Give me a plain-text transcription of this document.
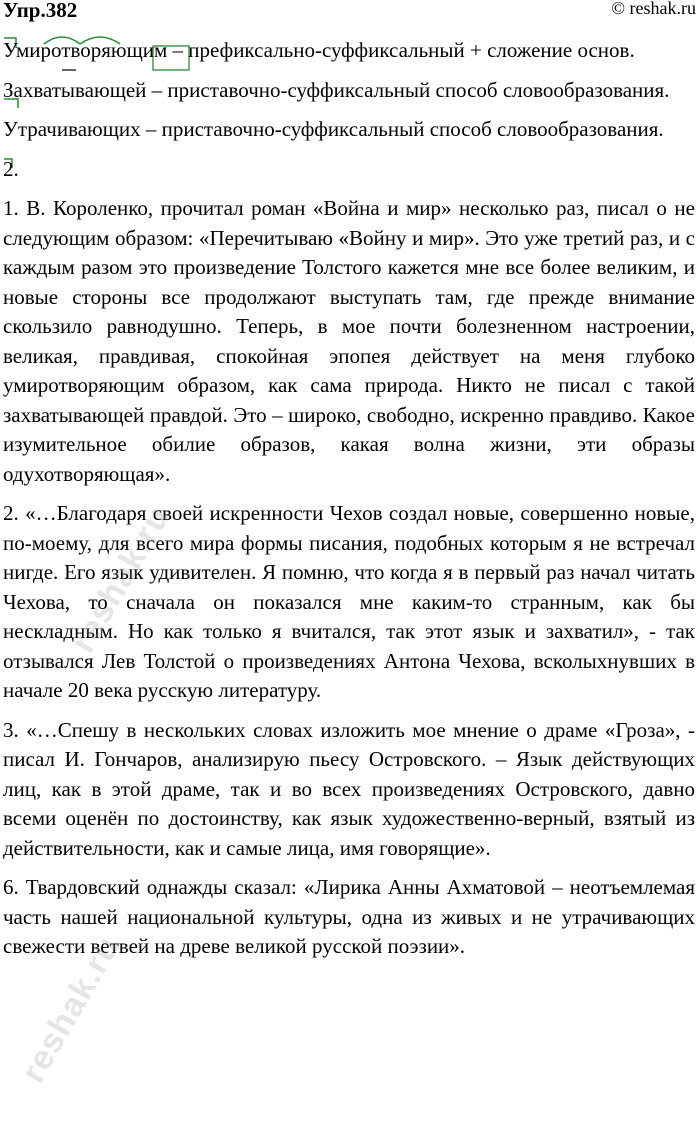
Упр.382	© reshak.ru

Умиротворяющим – префиксально-суффиксальный + сложение основ.

Захватывающей – приставочно-суффиксальный способ словообразования.

Утрачивающих – приставочно-суффиксальный способ словообразования.

2.

1. В. Короленко, прочитал роман «Война и мир» несколько раз, писал о не следующим образом: «Перечитываю «Войну и мир». Это уже третий раз, и с каждым разом это произведение Толстого кажется мне все более великим, и новые стороны все продолжают выступать там, где прежде внимание скользило равнодушно. Теперь, в мое почти болезненном настроении, великая, правдивая, спокойная эпопея действует на меня глубоко умиротворяющим образом, как сама природа. Никто не писал с такой захватывающей правдой. Это – широко, свободно, искренно правдиво. Какое изумительное обилие образов, какая волна жизни, эти образы одухотворяющая».

2. «…Благодаря своей искренности Чехов создал новые, совершенно новые, по-моему, для всего мира формы писания, подобных которым я не встречал нигде. Его язык удивителен. Я помню, что когда я в первый раз начал читать Чехова, то сначала он показался мне каким-то странным, как бы нескладным. Но как только я вчитался, так этот язык и захватил», - так отзывался Лев Толстой о произведениях Антона Чехова, всколыхнувших в начале 20 века русскую литературу.

3. «…Спешу в нескольких словах изложить мое мнение о драме «Гроза», - писал И. Гончаров, анализирую пьесу Островского. – Язык действующих лиц, как в этой драме, так и во всех произведениях Островского, давно всеми оценён по достоинству, как язык художественно-верный, взятый из действительности, как и самые лица, имя говорящие».

6. Твардовский однажды сказал: «Лирика Анны Ахматовой – неотъемлемая часть нашей национальной культуры, одна из живых и не утрачивающих свежести ветвей на древе великой русской поэзии».

reshak.ru
reshak.ru
